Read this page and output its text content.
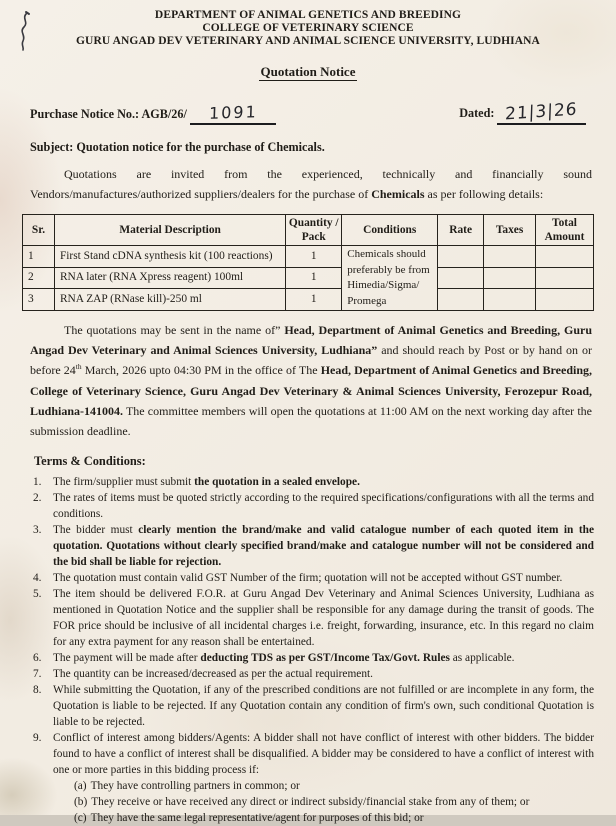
DEPARTMENT OF ANIMAL GENETICS AND BREEDING
COLLEGE OF VETERINARY SCIENCE
GURU ANGAD DEV VETERINARY AND ANIMAL SCIENCE UNIVERSITY, LUDHIANA
Quotation Notice
Purchase Notice No.: AGB/26/ 1091	Dated: 21|3|26
Subject: Quotation notice for the purchase of Chemicals.

Quotations are invited from the experienced, technically and financially sound Vendors/manufactures/authorized suppliers/dealers for the purchase of Chemicals as per following details:

Sr.	Material Description	Quantity / Pack	Conditions	Rate	Taxes	Total Amount
1	First Stand cDNA synthesis kit (100 reactions)	1	Chemicals should preferably be from Himedia/Sigma/ Promega			
2	RNA later (RNA Xpress reagent) 100ml	1				
3	RNA ZAP (RNase kill)-250 ml	1				

The quotations may be sent in the name of” Head, Department of Animal Genetics and Breeding, Guru Angad Dev Veterinary and Animal Sciences University, Ludhiana” and should reach by Post or by hand on or before 24th March, 2026 upto 04:30 PM in the office of The Head, Department of Animal Genetics and Breeding, College of Veterinary Science, Guru Angad Dev Veterinary & Animal Sciences University, Ferozepur Road, Ludhiana-141004. The committee members will open the quotations at 11:00 AM on the next working day after the submission deadline.

Terms & Conditions:
1. The firm/supplier must submit the quotation in a sealed envelope.
2. The rates of items must be quoted strictly according to the required specifications/configurations with all the terms and conditions.
3. The bidder must clearly mention the brand/make and valid catalogue number of each quoted item in the quotation. Quotations without clearly specified brand/make and catalogue number will not be considered and the bid shall be liable for rejection.
4. The quotation must contain valid GST Number of the firm; quotation will not be accepted without GST number.
5. The item should be delivered F.O.R. at Guru Angad Dev Veterinary and Animal Sciences University, Ludhiana as mentioned in Quotation Notice and the supplier shall be responsible for any damage during the transit of goods. The FOR price should be inclusive of all incidental charges i.e. freight, forwarding, insurance, etc. In this regard no claim for any extra payment for any reason shall be entertained.
6. The payment will be made after deducting TDS as per GST/Income Tax/Govt. Rules as applicable.
7. The quantity can be increased/decreased as per the actual requirement.
8. While submitting the Quotation, if any of the prescribed conditions are not fulfilled or are incomplete in any form, the Quotation is liable to be rejected. If any Quotation contain any condition of firm's own, such conditional Quotation is liable to be rejected.
9. Conflict of interest among bidders/Agents: A bidder shall not have conflict of interest with other bidders. The bidder found to have a conflict of interest shall be disqualified. A bidder may be considered to have a conflict of interest with one or more parties in this bidding process if:
(a) They have controlling partners in common; or
(b) They receive or have received any direct or indirect subsidy/financial stake from any of them; or
(c) They have the same legal representative/agent for purposes of this bid; or
